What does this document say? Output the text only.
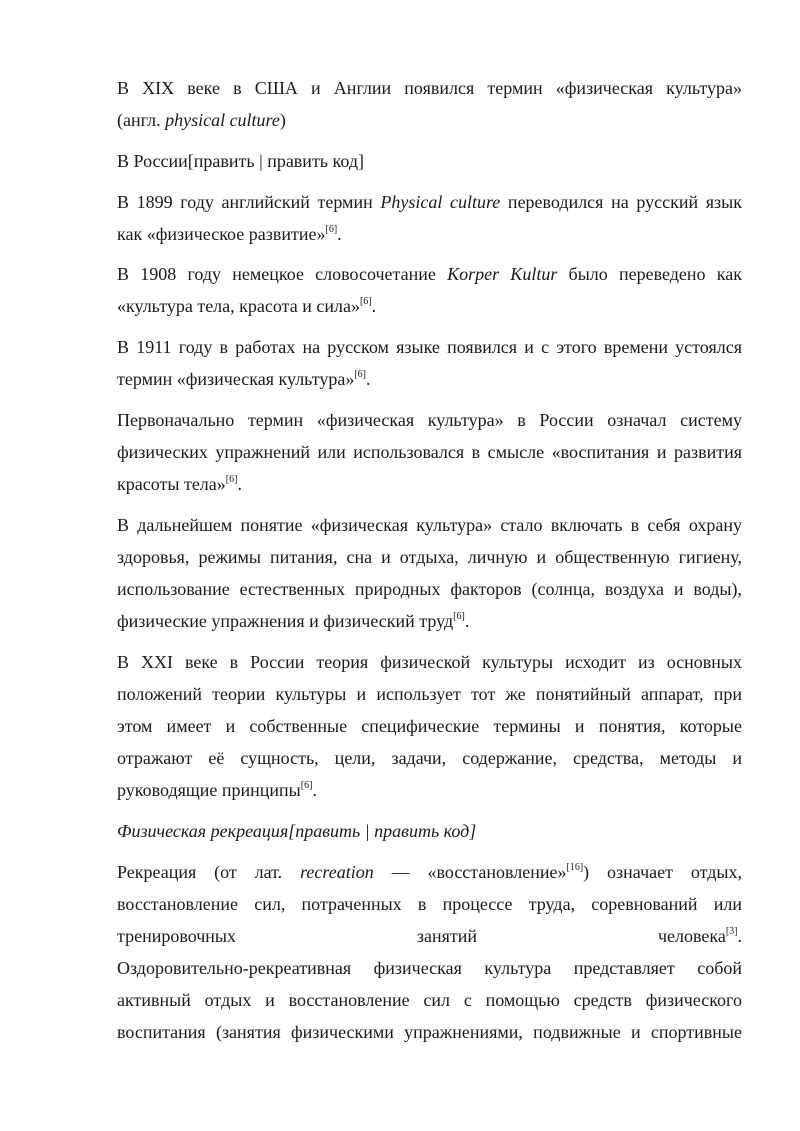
В XIX веке в США и Англии появился термин «физическая культура»

(англ. physical culture)

В России[править | править код]

В 1899 году английский термин Physical culture переводился на русский язык

как «физическое развитие»[6].

В 1908 году немецкое словосочетание Korper Kultur было переведено как

«культура тела, красота и сила»[6].

В 1911 году в работах на русском языке появился и с этого времени устоялся

термин «физическая культура»[6].

Первоначально термин «физическая культура» в России означал систему

физических упражнений или использовался в смысле «воспитания и развития

красоты тела»[6].

В дальнейшем понятие «физическая культура» стало включать в себя охрану

здоровья, режимы питания, сна и отдыха, личную и общественную гигиену,

использование естественных природных факторов (солнца, воздуха и воды),

физические упражнения и физический труд[6].

В XXI веке в России теория физической культуры исходит из основных

положений теории культуры и использует тот же понятийный аппарат, при

этом имеет и собственные специфические термины и понятия, которые

отражают её сущность, цели, задачи, содержание, средства, методы и

руководящие принципы[6].

Физическая рекреация[править | править код]

Рекреация (от лат. recreation — «восстановление»[16]) означает отдых,

восстановление сил, потраченных в процессе труда, соревнований или

тренировочных занятий человека[3].

Оздоровительно-рекреативная физическая культура представляет собой

активный отдых и восстановление сил с помощью средств физического

воспитания (занятия физическими упражнениями, подвижные и спортивные
